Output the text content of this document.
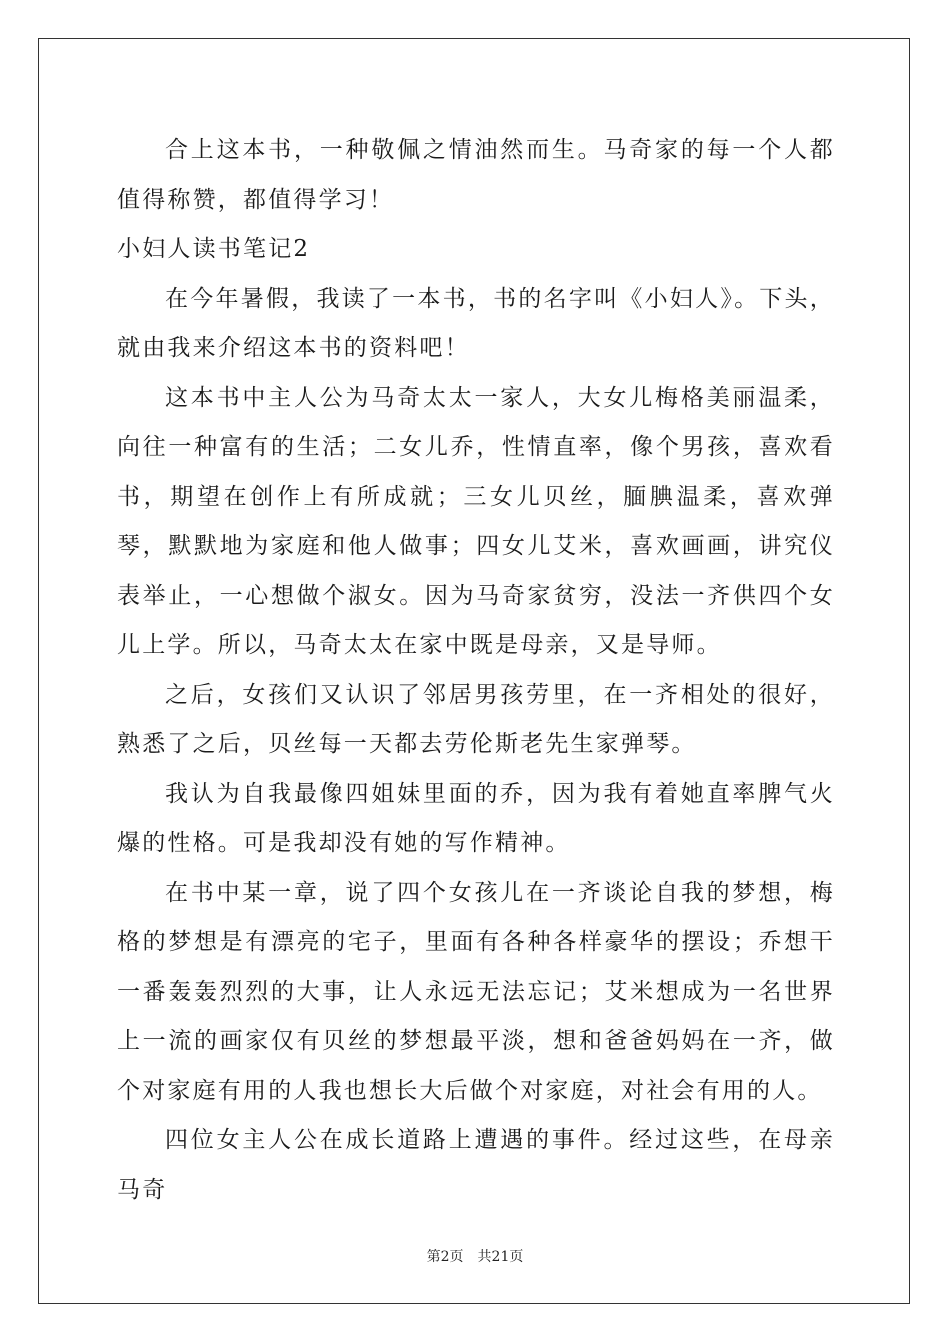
合上这本书，一种敬佩之情油然而生。马奇家的每一个人都值得称赞，都值得学习！

小妇人读书笔记2

在今年暑假，我读了一本书，书的名字叫《小妇人》。下头，就由我来介绍这本书的资料吧！

这本书中主人公为马奇太太一家人，大女儿梅格美丽温柔，向往一种富有的生活；二女儿乔，性情直率，像个男孩，喜欢看书，期望在创作上有所成就；三女儿贝丝，腼腆温柔，喜欢弹琴，默默地为家庭和他人做事；四女儿艾米，喜欢画画，讲究仪表举止，一心想做个淑女。因为马奇家贫穷，没法一齐供四个女儿上学。所以，马奇太太在家中既是母亲，又是导师。

之后，女孩们又认识了邻居男孩劳里，在一齐相处的很好，熟悉了之后，贝丝每一天都去劳伦斯老先生家弹琴。

我认为自我最像四姐妹里面的乔，因为我有着她直率脾气火爆的性格。可是我却没有她的写作精神。

在书中某一章，说了四个女孩儿在一齐谈论自我的梦想，梅格的梦想是有漂亮的宅子，里面有各种各样豪华的摆设；乔想干一番轰轰烈烈的大事，让人永远无法忘记；艾米想成为一名世界上一流的画家仅有贝丝的梦想最平淡，想和爸爸妈妈在一齐，做个对家庭有用的人我也想长大后做个对家庭，对社会有用的人。

四位女主人公在成长道路上遭遇的事件。经过这些，在母亲马奇

第2页 共21页
